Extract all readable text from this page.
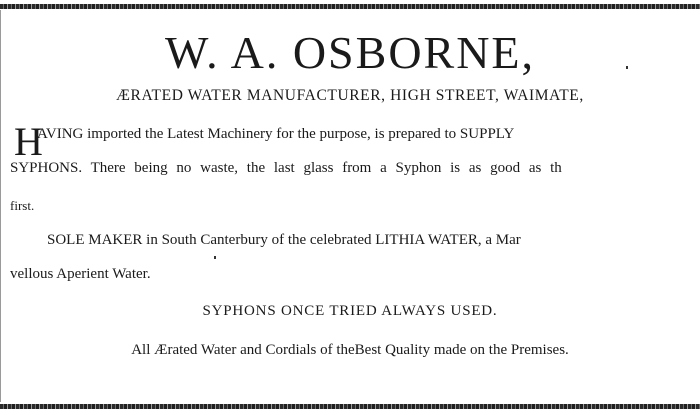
W. A. OSBORNE,
ÆRATED WATER MANUFACTURER, HIGH STREET, WAIMATE,
H
AVING imported the Latest Machinery for the purpose, is prepared to SUPPLY
SYPHONS. There being no waste, the last glass from a Syphon is as good as th
first.
SOLE MAKER in South Canterbury of the celebrated LITHIA WATER, a Mar
vellous Aperient Water.
SYPHONS ONCE TRIED ALWAYS USED.
All Ærated Water and Cordials of theBest Quality made on the Premises.
